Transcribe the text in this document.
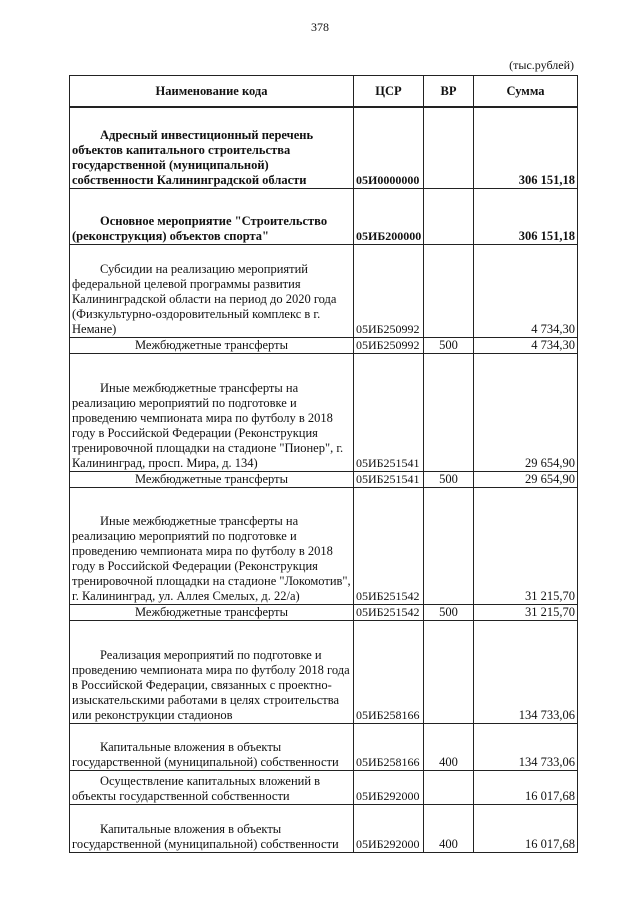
378
(тыс.рублей)
Наименование кода	ЦСР	ВР	Сумма
Адресный инвестиционный перечень объектов капитального строительства государственной (муниципальной) собственности Калининградской области	05И0000000		306 151,18
Основное мероприятие "Строительство (реконструкция) объектов спорта"	05ИБ200000		306 151,18
Субсидии на реализацию мероприятий федеральной целевой программы развития Калининградской области на период до 2020 года (Физкультурно-оздоровительный комплекс в г. Немане)	05ИБ250992		4 734,30
Межбюджетные трансферты	05ИБ250992	500	4 734,30
Иные межбюджетные трансферты на реализацию мероприятий по подготовке и проведению чемпионата мира по футболу в 2018 году в Российской Федерации (Реконструкция тренировочной площадки на стадионе "Пионер", г. Калининград, просп. Мира, д. 134)	05ИБ251541		29 654,90
Межбюджетные трансферты	05ИБ251541	500	29 654,90
Иные межбюджетные трансферты на реализацию мероприятий по подготовке и проведению чемпионата мира по футболу в 2018 году в Российской Федерации (Реконструкция тренировочной площадки на стадионе "Локомотив", г. Калининград, ул. Аллея Смелых, д. 22/а)	05ИБ251542		31 215,70
Межбюджетные трансферты	05ИБ251542	500	31 215,70
Реализация мероприятий по подготовке и проведению чемпионата мира по футболу 2018 года в Российской Федерации, связанных с проектно-изыскательскими работами в целях строительства или реконструкции стадионов	05ИБ258166		134 733,06
Капитальные вложения в объекты государственной (муниципальной) собственности	05ИБ258166	400	134 733,06
Осуществление капитальных вложений в объекты государственной собственности	05ИБ292000		16 017,68
Капитальные вложения в объекты государственной (муниципальной) собственности	05ИБ292000	400	16 017,68
